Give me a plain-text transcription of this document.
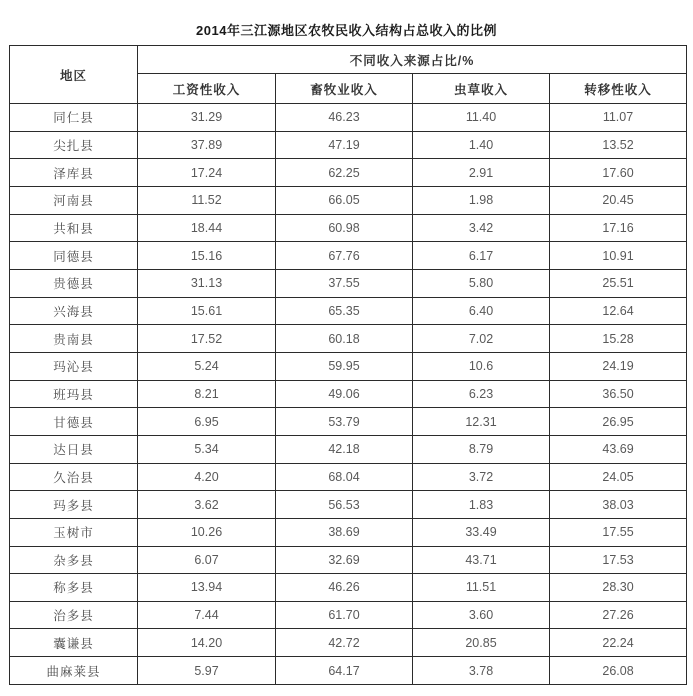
2014年三江源地区农牧民收入结构占总收入的比例
地区	不同收入来源占比/%			
	工资性收入	畜牧业收入	虫草收入	转移性收入
同仁县	31.29	46.23	11.40	11.07
尖扎县	37.89	47.19	1.40	13.52
泽库县	17.24	62.25	2.91	17.60
河南县	11.52	66.05	1.98	20.45
共和县	18.44	60.98	3.42	17.16
同德县	15.16	67.76	6.17	10.91
贵德县	31.13	37.55	5.80	25.51
兴海县	15.61	65.35	6.40	12.64
贵南县	17.52	60.18	7.02	15.28
玛沁县	5.24	59.95	10.6	24.19
班玛县	8.21	49.06	6.23	36.50
甘德县	6.95	53.79	12.31	26.95
达日县	5.34	42.18	8.79	43.69
久治县	4.20	68.04	3.72	24.05
玛多县	3.62	56.53	1.83	38.03
玉树市	10.26	38.69	33.49	17.55
杂多县	6.07	32.69	43.71	17.53
称多县	13.94	46.26	11.51	28.30
治多县	7.44	61.70	3.60	27.26
囊谦县	14.20	42.72	20.85	22.24
曲麻莱县	5.97	64.17	3.78	26.08
